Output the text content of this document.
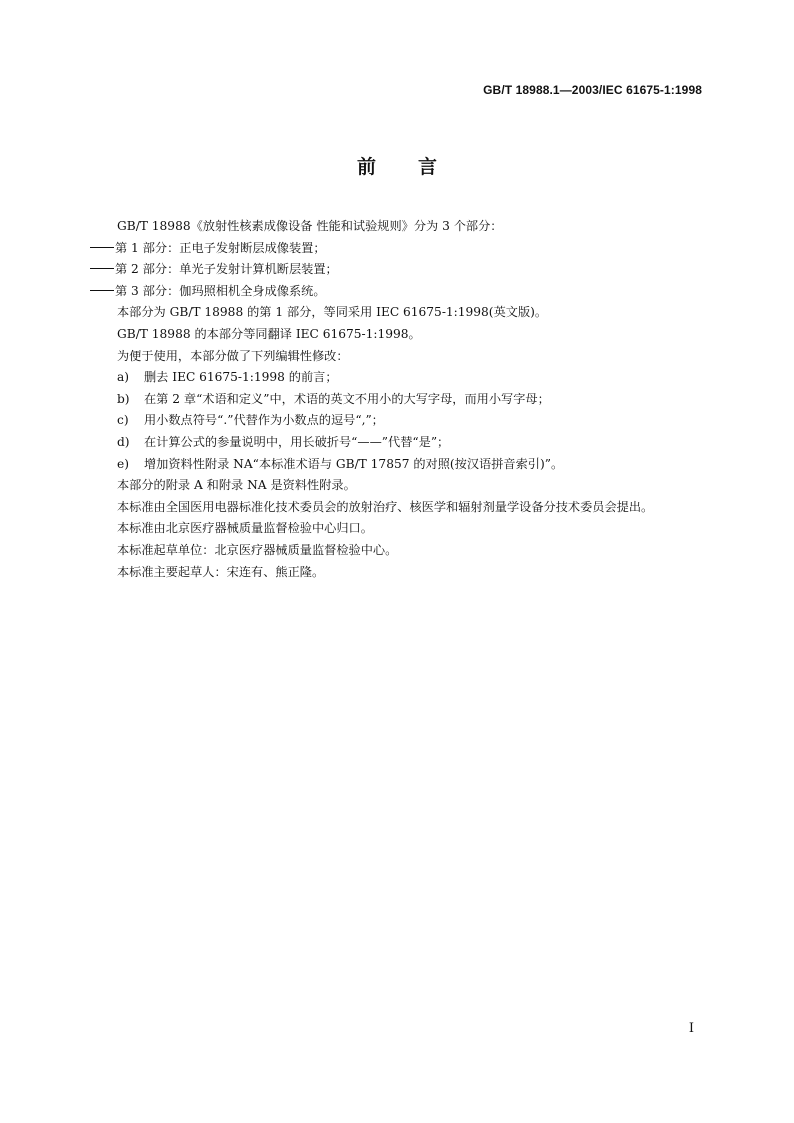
GB/T 18988.1—2003/IEC 61675-1:1998
前言

GB/T 18988《放射性核素成像设备 性能和试验规则》分为 3 个部分：

第 1 部分：正电子发射断层成像装置；

第 2 部分：单光子发射计算机断层装置；

第 3 部分：伽玛照相机全身成像系统。

本部分为 GB/T 18988 的第 1 部分，等同采用 IEC 61675-1:1998(英文版)。

GB/T 18988 的本部分等同翻译 IEC 61675-1:1998。

为便于使用，本部分做了下列编辑性修改：

a) 删去 IEC 61675-1:1998 的前言；

b) 在第 2 章“术语和定义”中，术语的英文不用小的大写字母，而用小写字母；

c) 用小数点符号“.”代替作为小数点的逗号“,”；

d) 在计算公式的参量说明中，用长破折号“——”代替“是”；

e) 增加资料性附录 NA“本标准术语与 GB/T 17857 的对照(按汉语拼音索引)”。

本部分的附录 A 和附录 NA 是资料性附录。

本标准由全国医用电器标准化技术委员会的放射治疗、核医学和辐射剂量学设备分技术委员会提出。

本标准由北京医疗器械质量监督检验中心归口。

本标准起草单位：北京医疗器械质量监督检验中心。

本标准主要起草人：宋连有、熊正隆。

I
